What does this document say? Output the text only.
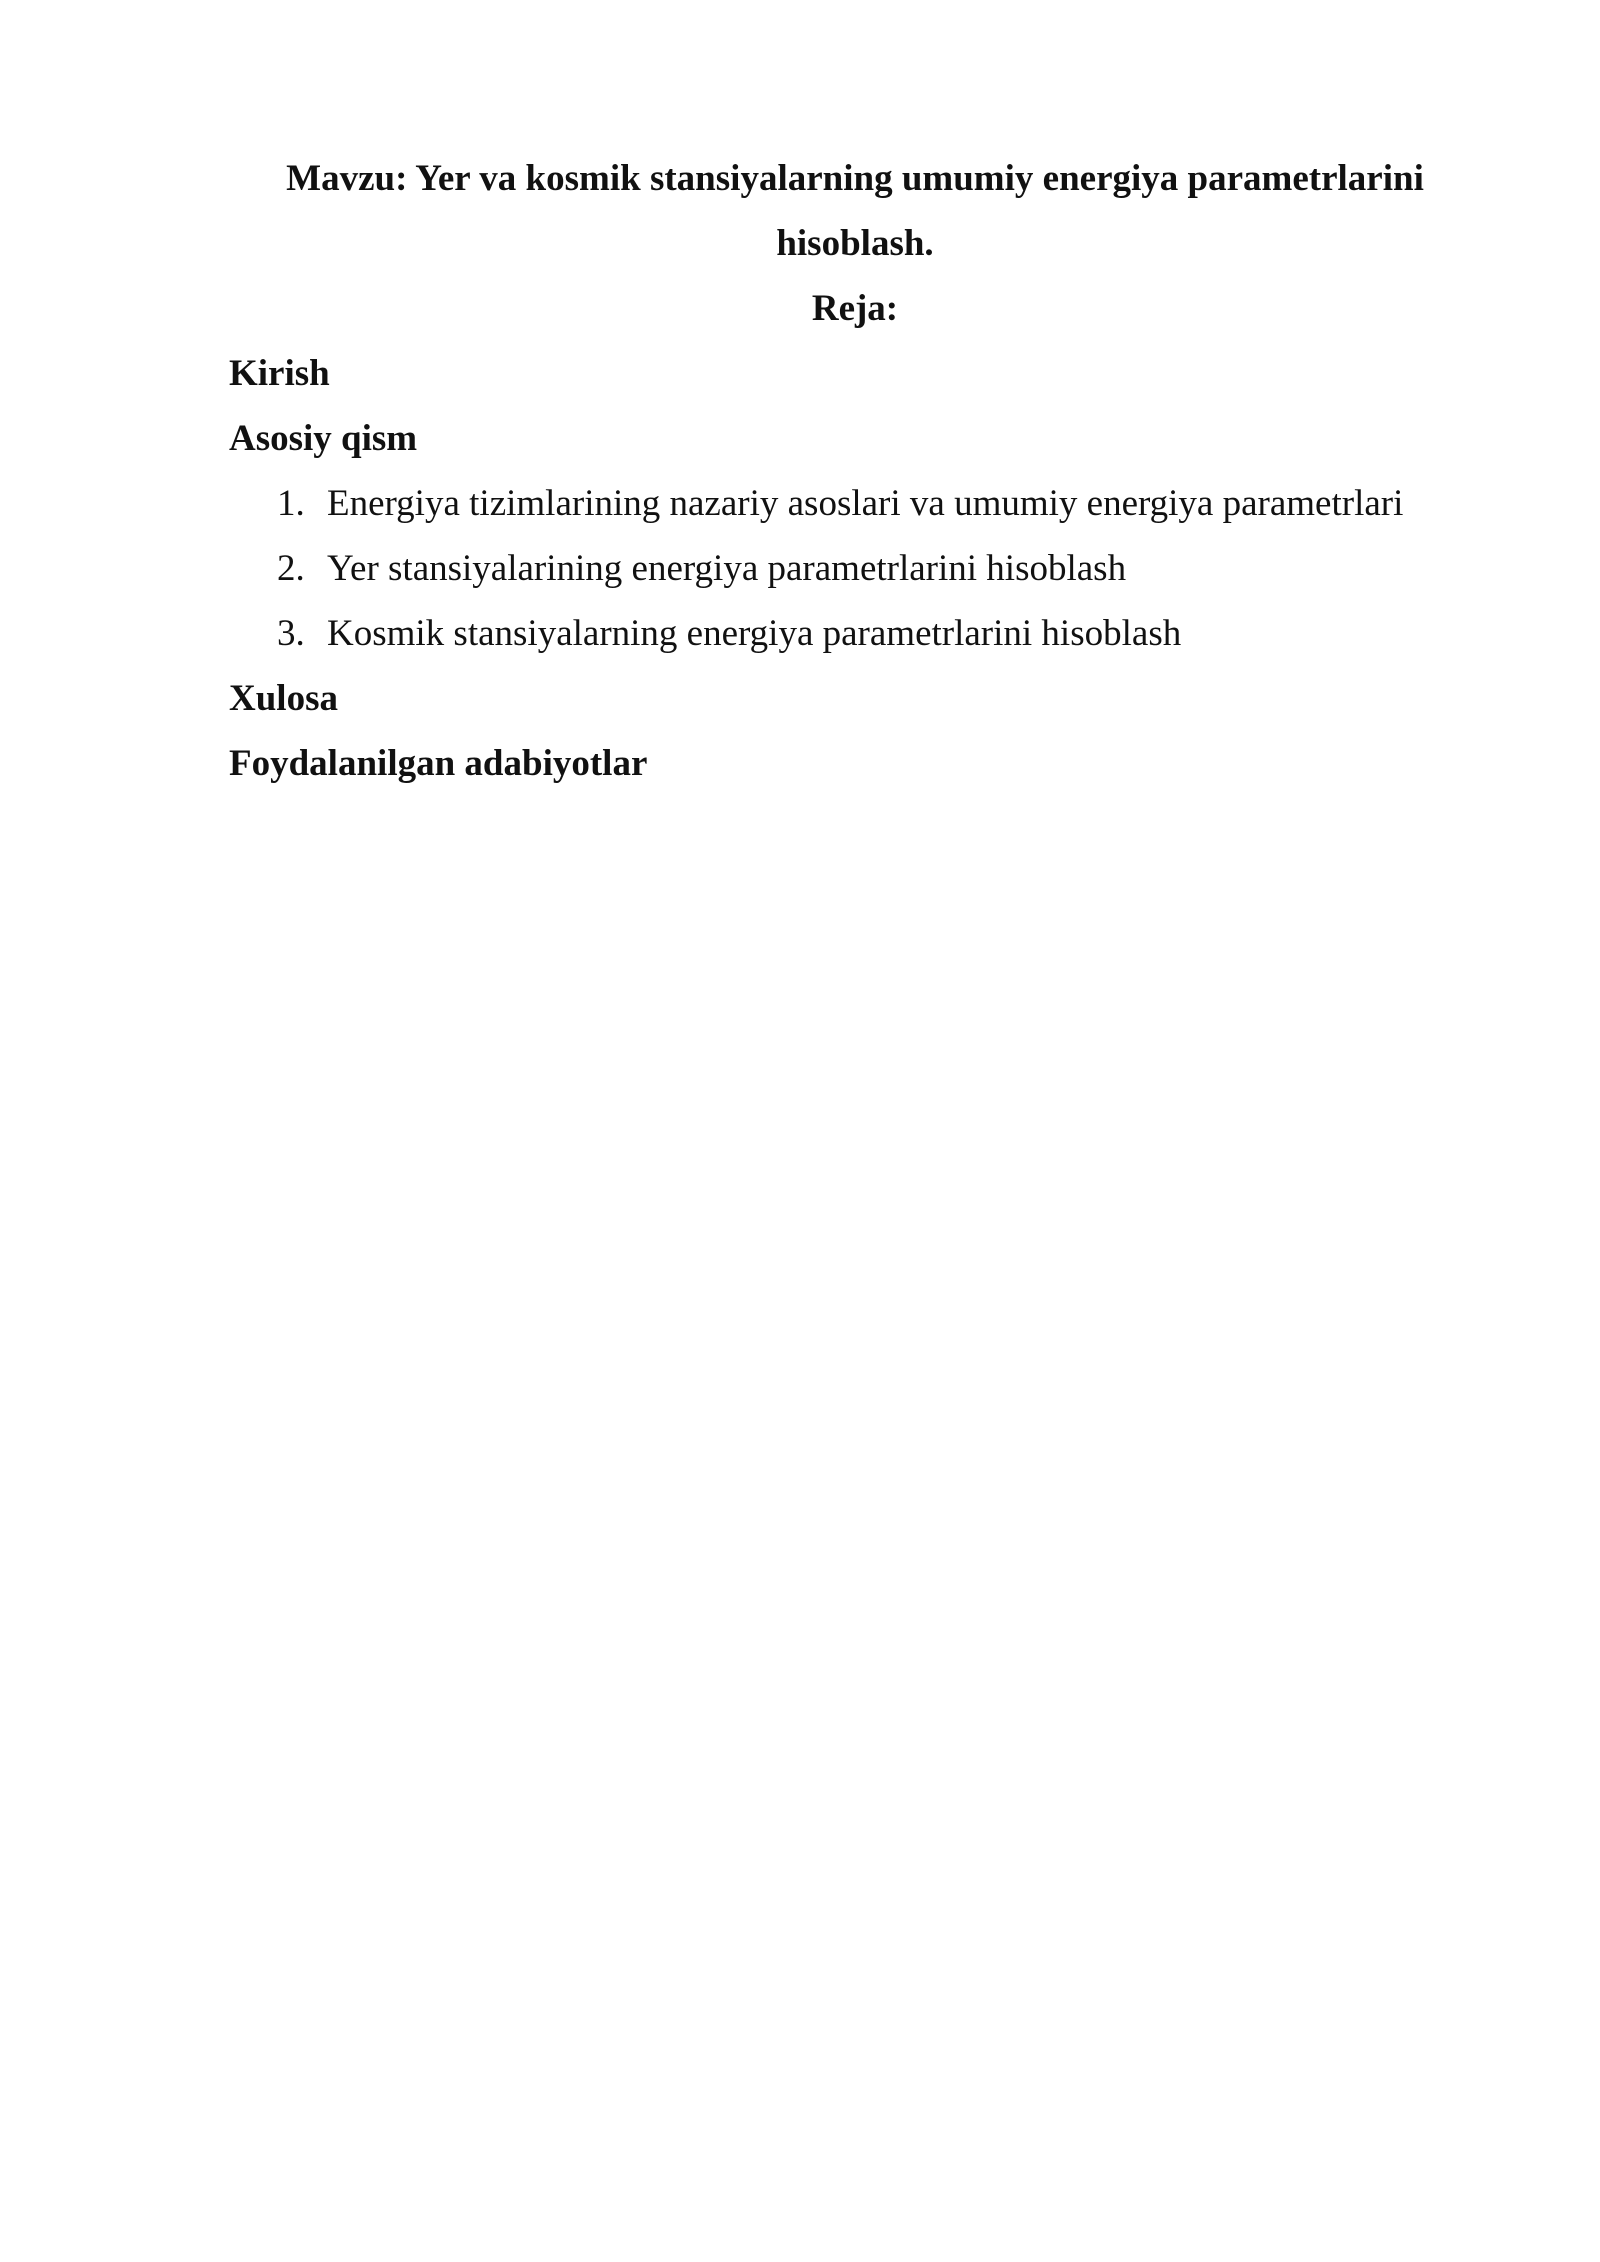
Mavzu: Yer va kosmik stansiyalarning umumiy energiya parametrlarini
hisoblash.
Reja:
Kirish
Asosiy qism
1. Energiya tizimlarining nazariy asoslari va umumiy energiya parametrlari
2. Yer stansiyalarining energiya parametrlarini hisoblash
3. Kosmik stansiyalarning energiya parametrlarini hisoblash
Xulosa
Foydalanilgan adabiyotlar
